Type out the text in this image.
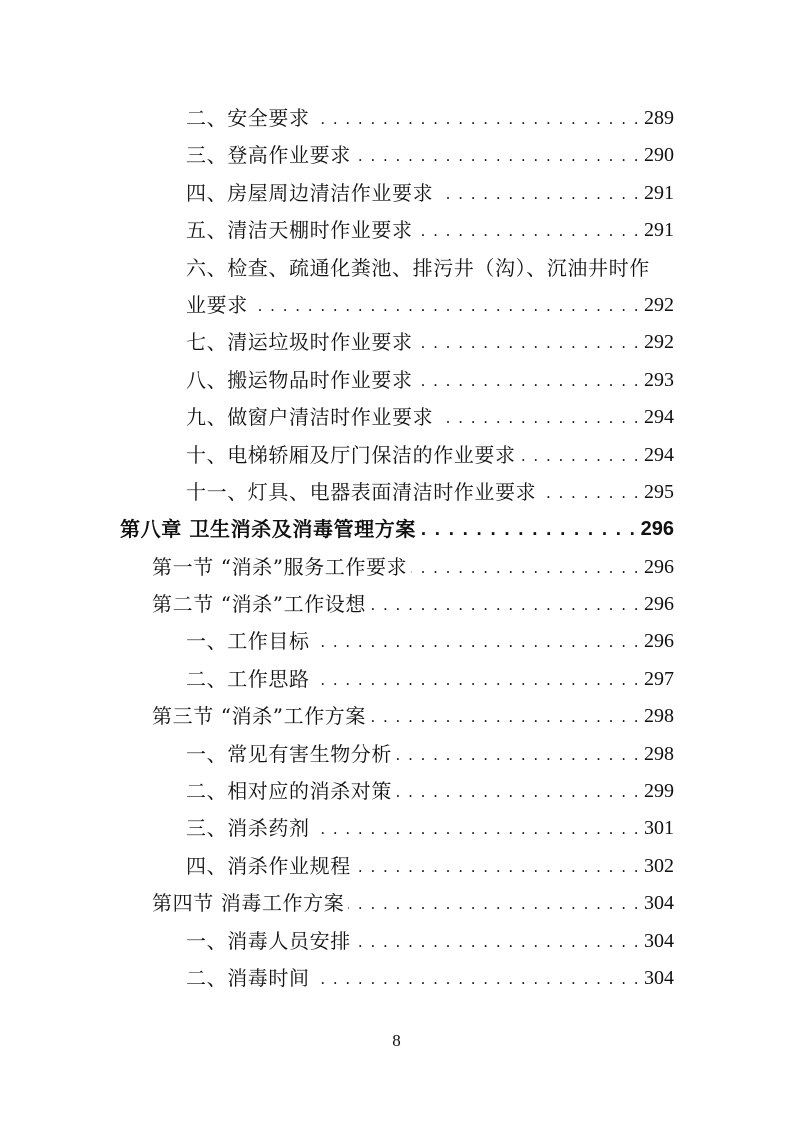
二、安全要求 . . .	289
三、登高作业要求 . . .	290
四、房屋周边清洁作业要求 . . .	291
五、清洁天棚时作业要求 . . .	291
六、检查、疏通化粪池、排污井（沟）、沉油井时作
业要求 . . .	292
七、清运垃圾时作业要求 . . .	292
八、搬运物品时作业要求 . . .	293
九、做窗户清洁时作业要求 . . .	294
十、电梯轿厢及厅门保洁的作业要求 . . .	294
十一、灯具、电器表面清洁时作业要求 . . .	295
第八章 卫生消杀及消毒管理方案 . . .	296
第一节 “消杀”服务工作要求 . . .	296
第二节 “消杀”工作设想 . . .	296
一、工作目标 . . .	296
二、工作思路 . . .	297
第三节 “消杀”工作方案 . . .	298
一、常见有害生物分析 . . .	298
二、相对应的消杀对策 . . .	299
三、消杀药剂 . . .	301
四、消杀作业规程 . . .	302
第四节 消毒工作方案 . . .	304
一、消毒人员安排 . . .	304
二、消毒时间 . . .	304
8
